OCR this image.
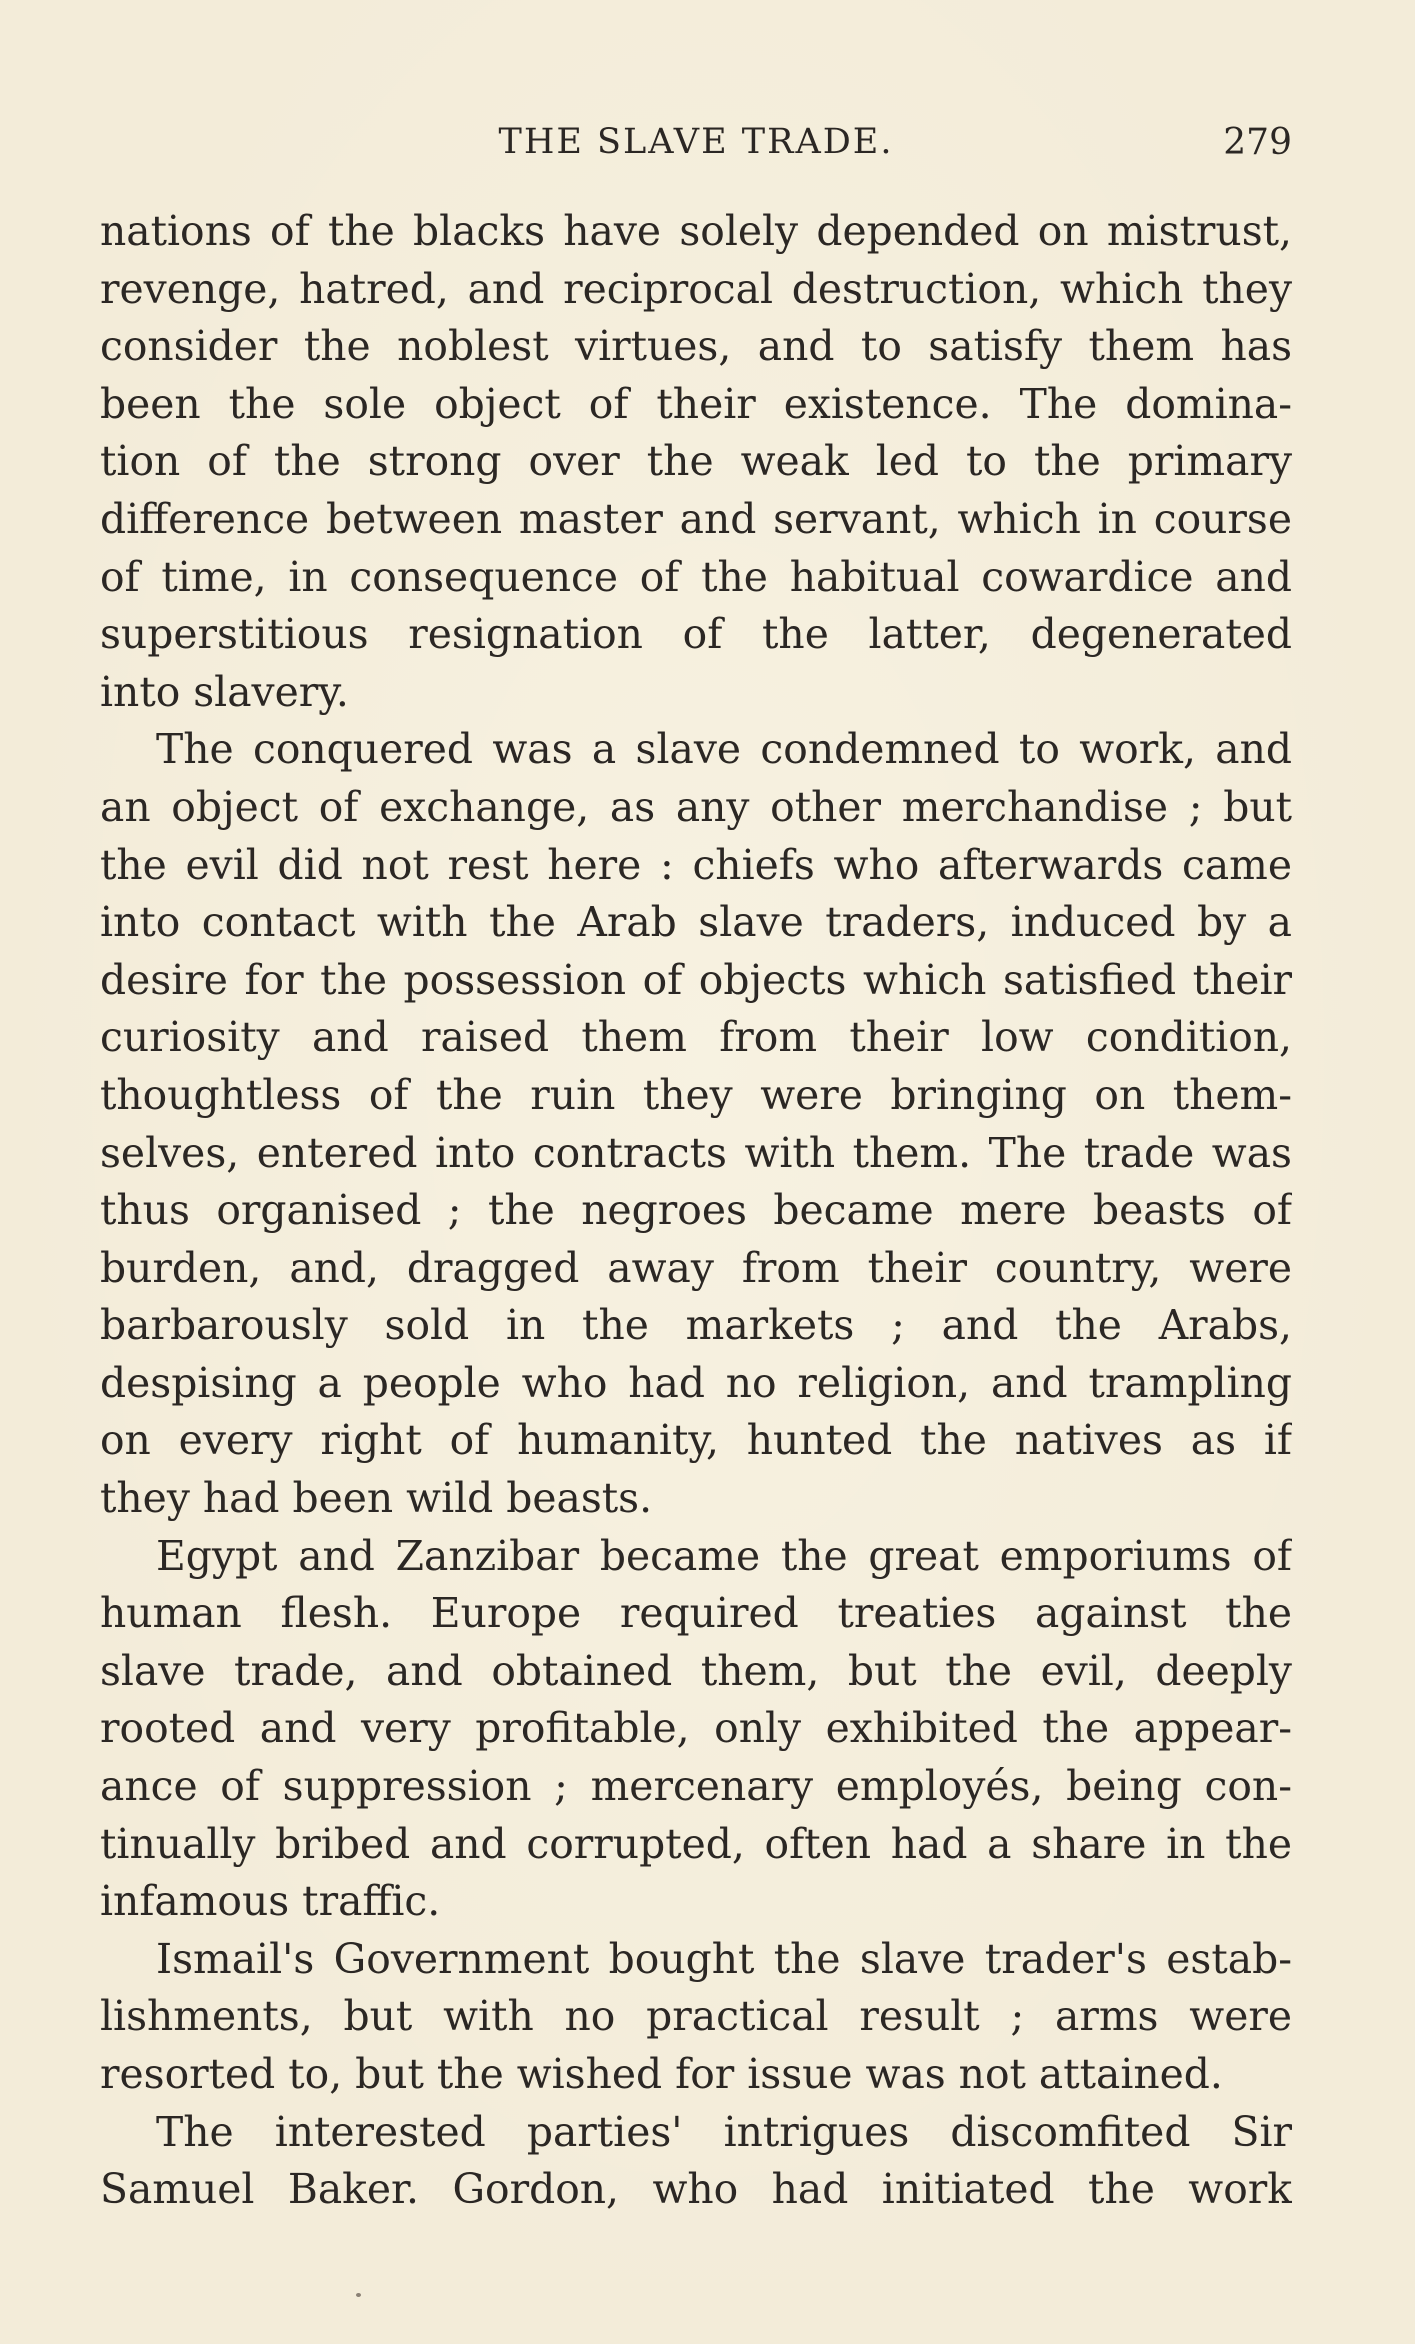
THE SLAVE TRADE.	279
nations of the blacks have solely depended on mistrust,
revenge, hatred, and reciprocal destruction, which they
consider the noblest virtues, and to satisfy them has
been the sole object of their existence. The domina-
tion of the strong over the weak led to the primary
difference between master and servant, which in course
of time, in consequence of the habitual cowardice and
superstitious resignation of the latter, degenerated
into slavery.
The conquered was a slave condemned to work, and
an object of exchange, as any other merchandise ; but
the evil did not rest here : chiefs who afterwards came
into contact with the Arab slave traders, induced by a
desire for the possession of objects which satisfied their
curiosity and raised them from their low condition,
thoughtless of the ruin they were bringing on them-
selves, entered into contracts with them. The trade was
thus organised ; the negroes became mere beasts of
burden, and, dragged away from their country, were
barbarously sold in the markets ; and the Arabs,
despising a people who had no religion, and trampling
on every right of humanity, hunted the natives as if
they had been wild beasts.
Egypt and Zanzibar became the great emporiums of
human flesh. Europe required treaties against the
slave trade, and obtained them, but the evil, deeply
rooted and very profitable, only exhibited the appear-
ance of suppression ; mercenary employés, being con-
tinually bribed and corrupted, often had a share in the
infamous traffic.
Ismail's Government bought the slave trader's estab-
lishments, but with no practical result ; arms were
resorted to, but the wished for issue was not attained.
The interested parties' intrigues discomfited Sir
Samuel Baker. Gordon, who had initiated the work
